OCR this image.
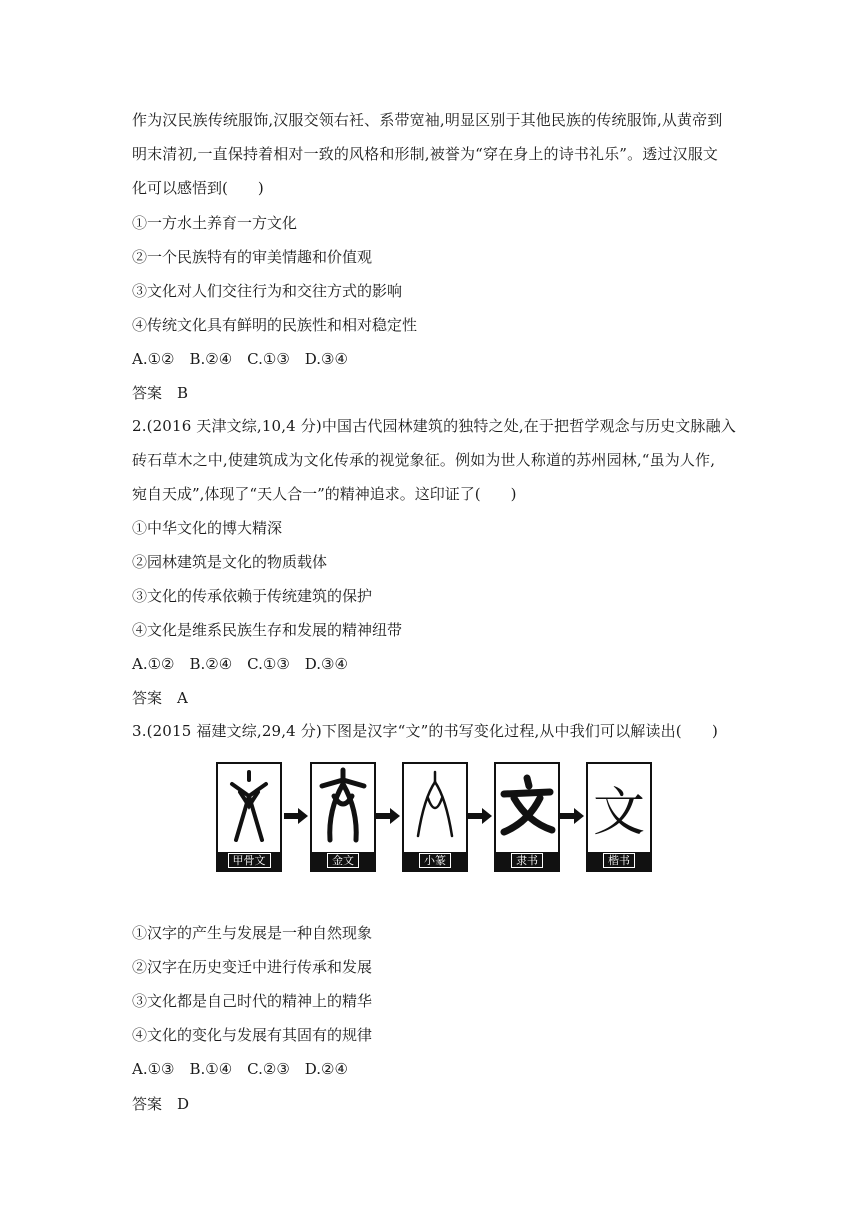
作为汉民族传统服饰,汉服交领右衽、系带宽袖,明显区别于其他民族的传统服饰,从黄帝到
明末清初,一直保持着相对一致的风格和形制,被誉为“穿在身上的诗书礼乐”。透过汉服文
化可以感悟到(　　)
①一方水土养育一方文化
②一个民族特有的审美情趣和价值观
③文化对人们交往行为和交往方式的影响
④传统文化具有鲜明的民族性和相对稳定性
A.①②　B.②④　C.①③　D.③④
答案　B
2.(2016 天津文综,10,4 分)中国古代园林建筑的独特之处,在于把哲学观念与历史文脉融入
砖石草木之中,使建筑成为文化传承的视觉象征。例如为世人称道的苏州园林,“虽为人作,
宛自天成”,体现了“天人合一”的精神追求。这印证了(　　)
①中华文化的博大精深
②园林建筑是文化的物质载体
③文化的传承依赖于传统建筑的保护
④文化是维系民族生存和发展的精神纽带
A.①②　B.②④　C.①③　D.③④
答案　A
3.(2015 福建文综,29,4 分)下图是汉字“文”的书写变化过程,从中我们可以解读出(　　)
甲骨文	金文	小篆	隶书
文
楷书
①汉字的产生与发展是一种自然现象
②汉字在历史变迁中进行传承和发展
③文化都是自己时代的精神上的精华
④文化的变化与发展有其固有的规律
A.①③　B.①④　C.②③　D.②④
答案　D
